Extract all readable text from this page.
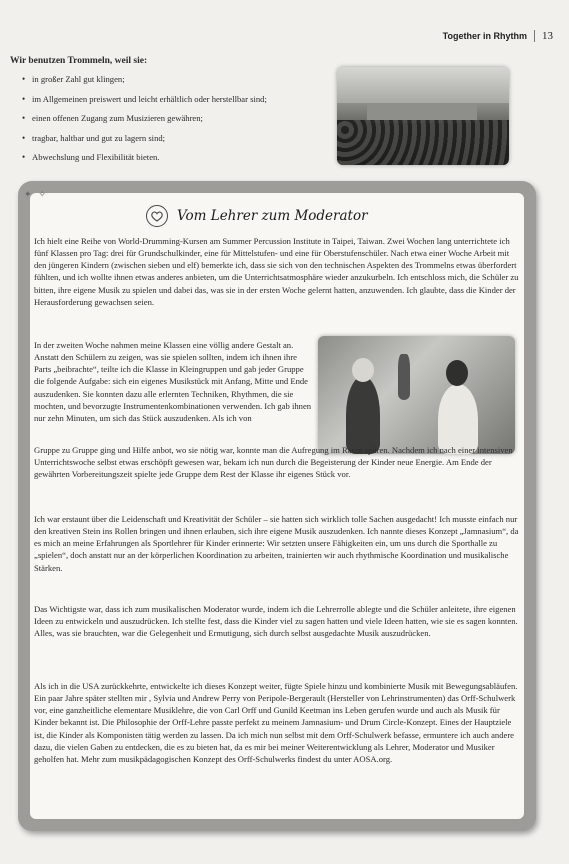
Together in Rhythm 13
Wir benutzen Trommeln, weil sie:
• in großer Zahl gut klingen;
• im Allgemeinen preiswert und leicht erhältlich oder herstellbar sind;
• einen offenen Zugang zum Musizieren gewähren;
• tragbar, haltbar und gut zu lagern sind;
• Abwechslung und Flexibilität bieten.
✦ ✧
Vom Lehrer zum Moderator

Ich hielt eine Reihe von World-Drumming-Kursen am Summer Percussion Institute in Taipei, Taiwan. Zwei Wochen lang unterrichtete ich fünf Klassen pro Tag: drei für Grundschulkinder, eine für Mittelstufen- und eine für Oberstufenschüler. Nach etwa einer Woche Arbeit mit den jüngeren Kindern (zwischen sieben und elf) bemerkte ich, dass sie sich von den technischen Aspekten des Trommelns etwas überfordert fühlten, und ich wollte ihnen etwas anderes anbieten, um die Unterrichtsatmosphäre wieder anzukurbeln. Ich entschloss mich, die Schüler zu bitten, ihre eigene Musik zu spielen und dabei das, was sie in der ersten Woche gelernt hatten, anzuwenden. Ich glaubte, dass die Kinder der Herausforderung gewachsen seien.

In der zweiten Woche nahmen meine Klassen eine völlig andere Gestalt an. Anstatt den Schülern zu zeigen, was sie spielen sollten, indem ich ihnen ihre Parts „beibrachte“, teilte ich die Klasse in Kleingruppen und gab jeder Gruppe die folgende Aufgabe: sich ein eigenes Musikstück mit Anfang, Mitte und Ende auszudenken. Sie konnten dazu alle erlernten Techniken, Rhythmen, die sie mochten, und bevorzugte Instrumentenkombinationen verwenden. Ich gab ihnen nur zehn Minuten, um sich das Stück auszudenken. Als ich von

Gruppe zu Gruppe ging und Hilfe anbot, wo sie nötig war, konnte man die Aufregung im Raum spüren. Nachdem ich nach einer intensiven Unterrichtswoche selbst etwas erschöpft gewesen war, bekam ich nun durch die Begeisterung der Kinder neue Energie. Am Ende der gewährten Vorbereitungszeit spielte jede Gruppe dem Rest der Klasse ihr eigenes Stück vor.

Ich war erstaunt über die Leidenschaft und Kreativität der Schüler – sie hatten sich wirklich tolle Sachen ausgedacht! Ich musste einfach nur den kreativen Stein ins Rollen bringen und ihnen erlauben, sich ihre eigene Musik auszudenken. Ich nannte dieses Konzept „Jamnasium“, da es mich an meine Erfahrungen als Sportlehrer für Kinder erinnerte: Wir setzten unsere Fähigkeiten ein, um uns durch die Sporthalle zu „spielen“, doch anstatt nur an der körperlichen Koordination zu arbeiten, trainierten wir auch rhythmische Koordination und musikalische Stärken.

Das Wichtigste war, dass ich zum musikalischen Moderator wurde, indem ich die Lehrerrolle ablegte und die Schüler anleitete, ihre eigenen Ideen zu entwickeln und auszudrücken. Ich stellte fest, dass die Kinder viel zu sagen hatten und viele Ideen hatten, wie sie es sagen konnten. Alles, was sie brauchten, war die Gelegenheit und Ermutigung, sich durch selbst ausgedachte Musik auszudrücken.

Als ich in die USA zurückkehrte, entwickelte ich dieses Konzept weiter, fügte Spiele hinzu und kombinierte Musik mit Bewegungsabläufen. Ein paar Jahre später stellten mir , Sylvia und Andrew Perry von Peripole-Bergerault (Hersteller von Lehrinstrumenten) das Orff-Schulwerk vor, eine ganzheitliche elementare Musiklehre, die von Carl Orff und Gunild Keetman ins Leben gerufen wurde und auch als Musik für Kinder bekannt ist. Die Philosophie der Orff-Lehre passte perfekt zu meinem Jamnasium- und Drum Circle-Konzept. Eines der Hauptziele ist, die Kinder als Komponisten tätig werden zu lassen. Da ich mich nun selbst mit dem Orff-Schulwerk befasse, ermuntere ich auch andere dazu, die vielen Gaben zu entdecken, die es zu bieten hat, da es mir bei meiner Weiterentwicklung als Lehrer, Moderator und Musiker geholfen hat. Mehr zum musikpädagogischen Konzept des Orff-Schulwerks findest du unter AOSA.org.
